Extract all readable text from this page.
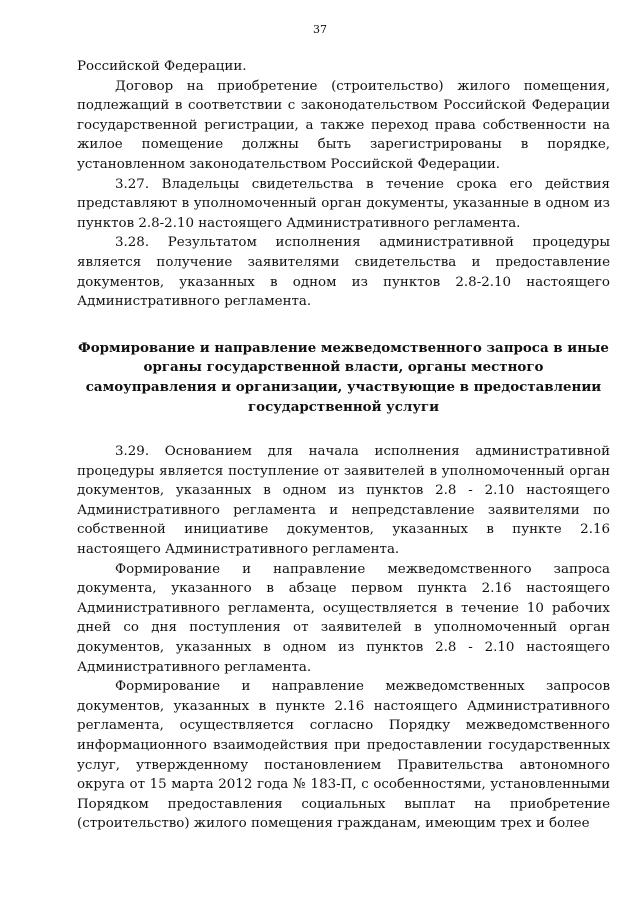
37

Российской Федерации.

Договор на приобретение (строительство) жилого помещения, подлежащий в соответствии с законодательством Российской Федерации государственной регистрации, а также переход права собственности на жилое помещение должны быть зарегистрированы в порядке, установленном законодательством Российской Федерации.

3.27. Владельцы свидетельства в течение срока его действия представляют в уполномоченный орган документы, указанные в одном из пунктов 2.8-2.10 настоящего Административного регламента.

3.28. Результатом исполнения административной процедуры является получение заявителями свидетельства и предоставление документов, указанных в одном из пунктов 2.8-2.10 настоящего Административного регламента.

Формирование и направление межведомственного запроса в иные органы государственной власти, органы местного самоуправления и организации, участвующие в предоставлении государственной услуги

3.29. Основанием для начала исполнения административной процедуры является поступление от заявителей в уполномоченный орган документов, указанных в одном из пунктов 2.8 - 2.10 настоящего Административного регламента и непредставление заявителями по собственной инициативе документов, указанных в пункте 2.16 настоящего Административного регламента.

Формирование и направление межведомственного запроса документа, указанного в абзаце первом пункта 2.16 настоящего Административного регламента, осуществляется в течение 10 рабочих дней со дня поступления от заявителей в уполномоченный орган документов, указанных в одном из пунктов 2.8 - 2.10 настоящего Административного регламента.

Формирование и направление межведомственных запросов документов, указанных в пункте 2.16 настоящего Административного регламента, осуществляется согласно Порядку межведомственного информационного взаимодействия при предоставлении государственных услуг, утвержденному постановлением Правительства автономного округа от 15 марта 2012 года № 183-П, с особенностями, установленными Порядком предоставления социальных выплат на приобретение (строительство) жилого помещения гражданам, имеющим трех и более
